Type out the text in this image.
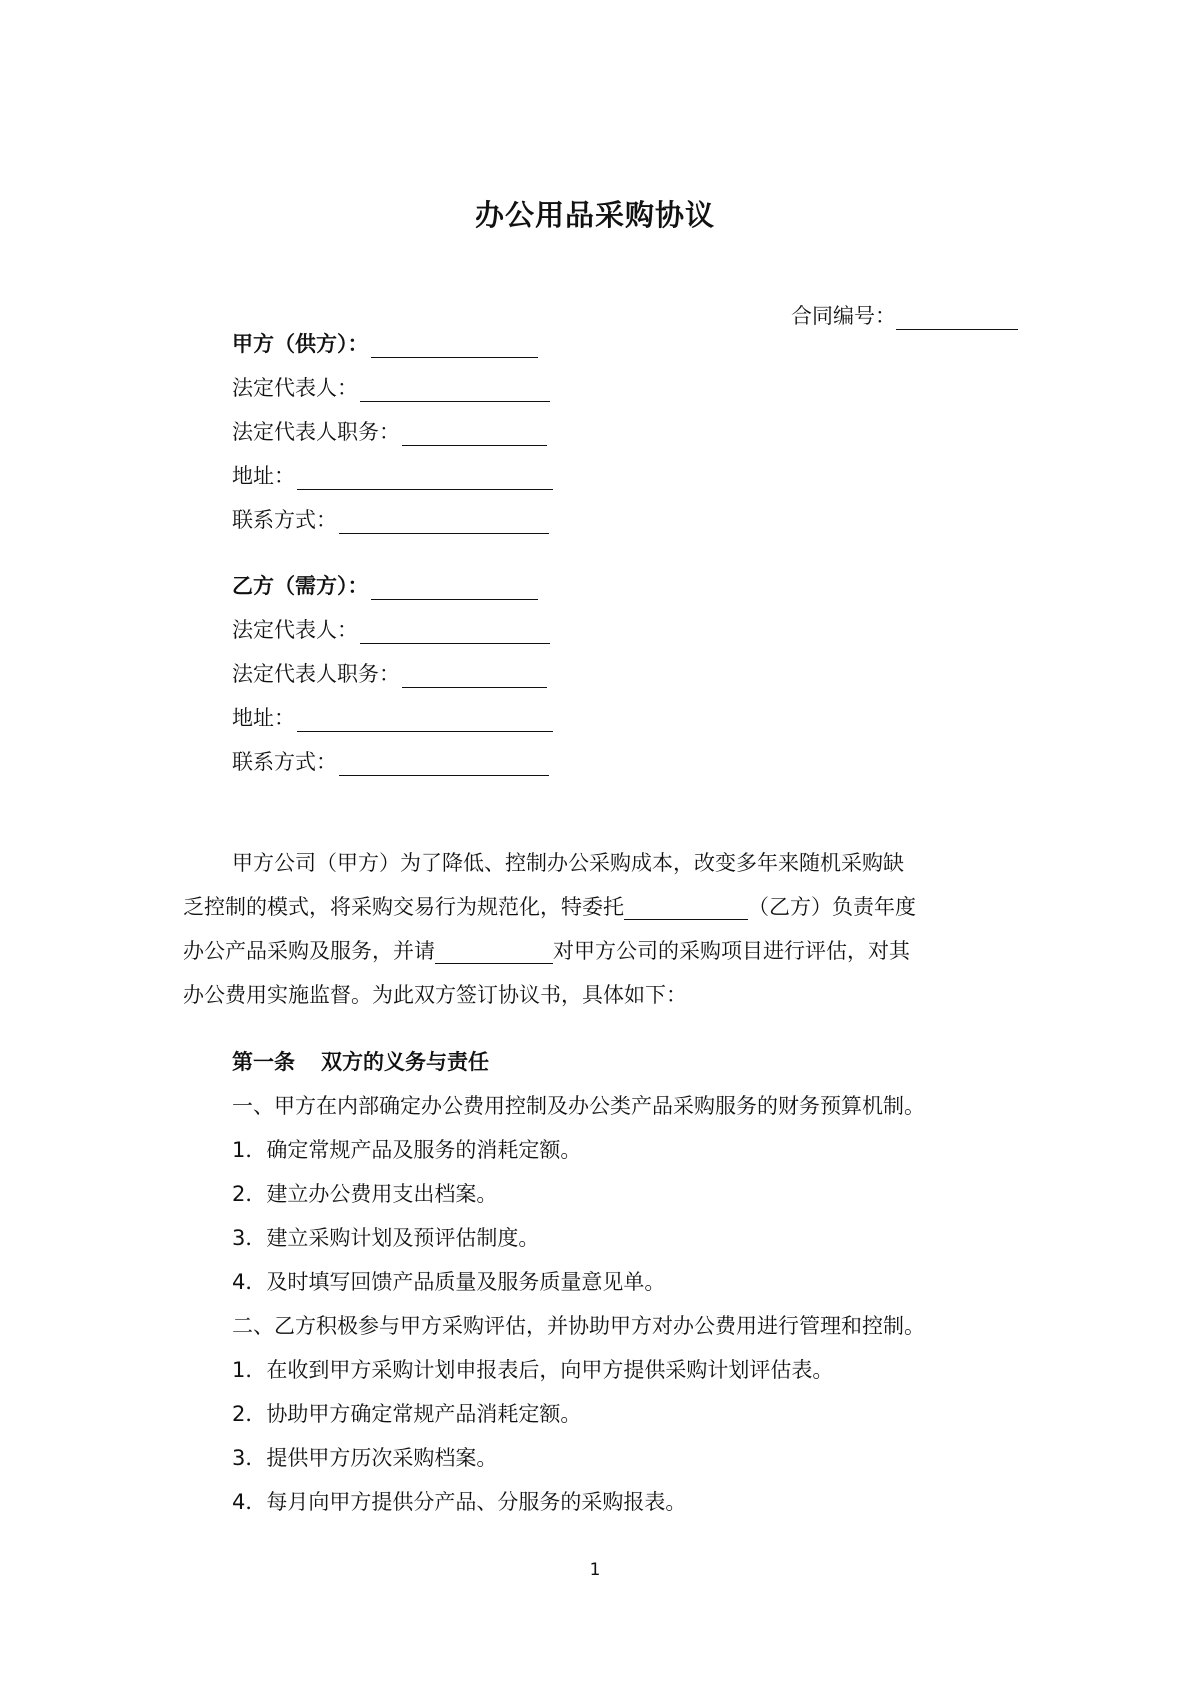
办公用品采购协议
合同编号：
甲方（供方）：
法定代表人：
法定代表人职务：
地址：
联系方式：
乙方（需方）：
法定代表人：
法定代表人职务：
地址：
联系方式：
甲方公司（甲方）为了降低、控制办公采购成本，改变多年来随机采购缺
乏控制的模式，将采购交易行为规范化，特委托	（乙方）负责年度
办公产品采购及服务，并请	对甲方公司的采购项目进行评估，对其
办公费用实施监督。为此双方签订协议书，具体如下：
第一条 双方的义务与责任
一、甲方在内部确定办公费用控制及办公类产品采购服务的财务预算机制。
1．确定常规产品及服务的消耗定额。
2．建立办公费用支出档案。
3．建立采购计划及预评估制度。
4．及时填写回馈产品质量及服务质量意见单。
二、乙方积极参与甲方采购评估，并协助甲方对办公费用进行管理和控制。
1．在收到甲方采购计划申报表后，向甲方提供采购计划评估表。
2．协助甲方确定常规产品消耗定额。
3．提供甲方历次采购档案。
4．每月向甲方提供分产品、分服务的采购报表。
1
